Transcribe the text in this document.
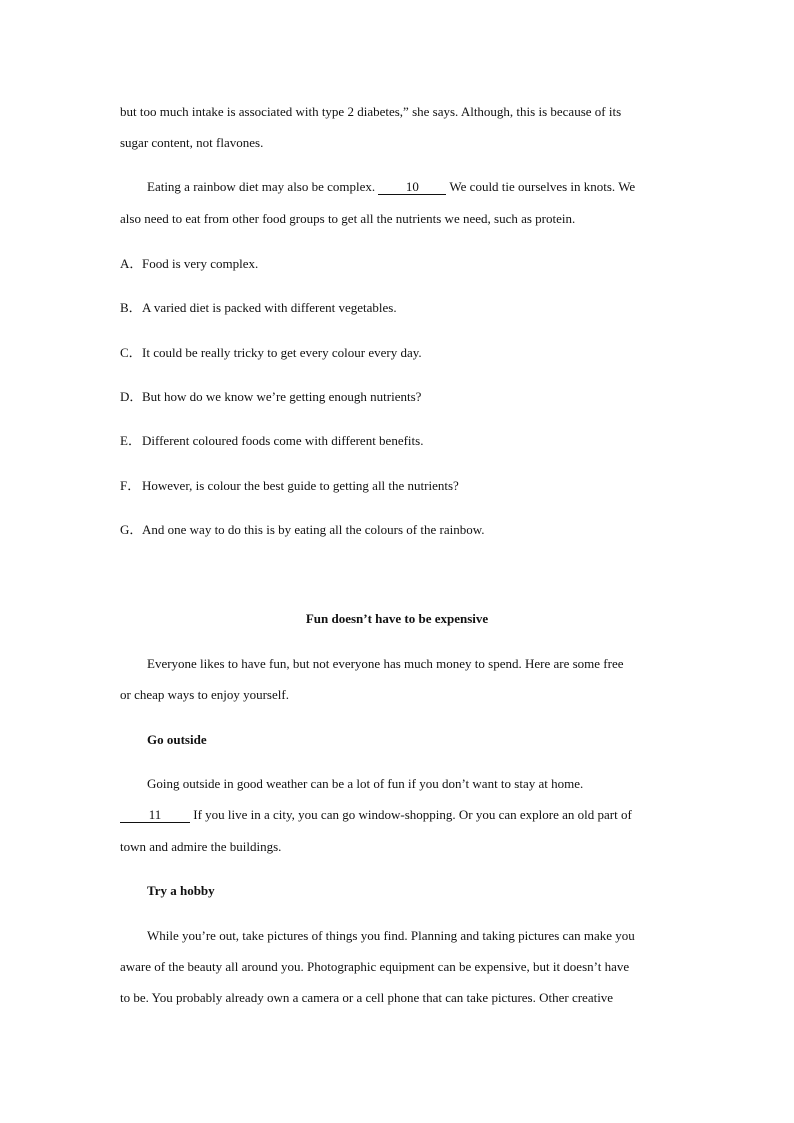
but too much intake is associated with type 2 diabetes,” she says. Although, this is because of its

sugar content, not flavones.

Eating a rainbow diet may also be complex. 10 We could tie ourselves in knots. We

also need to eat from other food groups to get all the nutrients we need, such as protein.

A．Food is very complex.

B．A varied diet is packed with different vegetables.

C．It could be really tricky to get every colour every day.

D．But how do we know we’re getting enough nutrients?

E．Different coloured foods come with different benefits.

F． However, is colour the best guide to getting all the nutrients?

G．And one way to do this is by eating all the colours of the rainbow.

Fun doesn’t have to be expensive

Everyone likes to have fun, but not everyone has much money to spend. Here are some free

or cheap ways to enjoy yourself.

Go outside

Going outside in good weather can be a lot of fun if you don’t want to stay at home.

11 If you live in a city, you can go window-shopping. Or you can explore an old part of

town and admire the buildings.

Try a hobby

While you’re out, take pictures of things you find. Planning and taking pictures can make you

aware of the beauty all around you. Photographic equipment can be expensive, but it doesn’t have

to be. You probably already own a camera or a cell phone that can take pictures. Other creative
